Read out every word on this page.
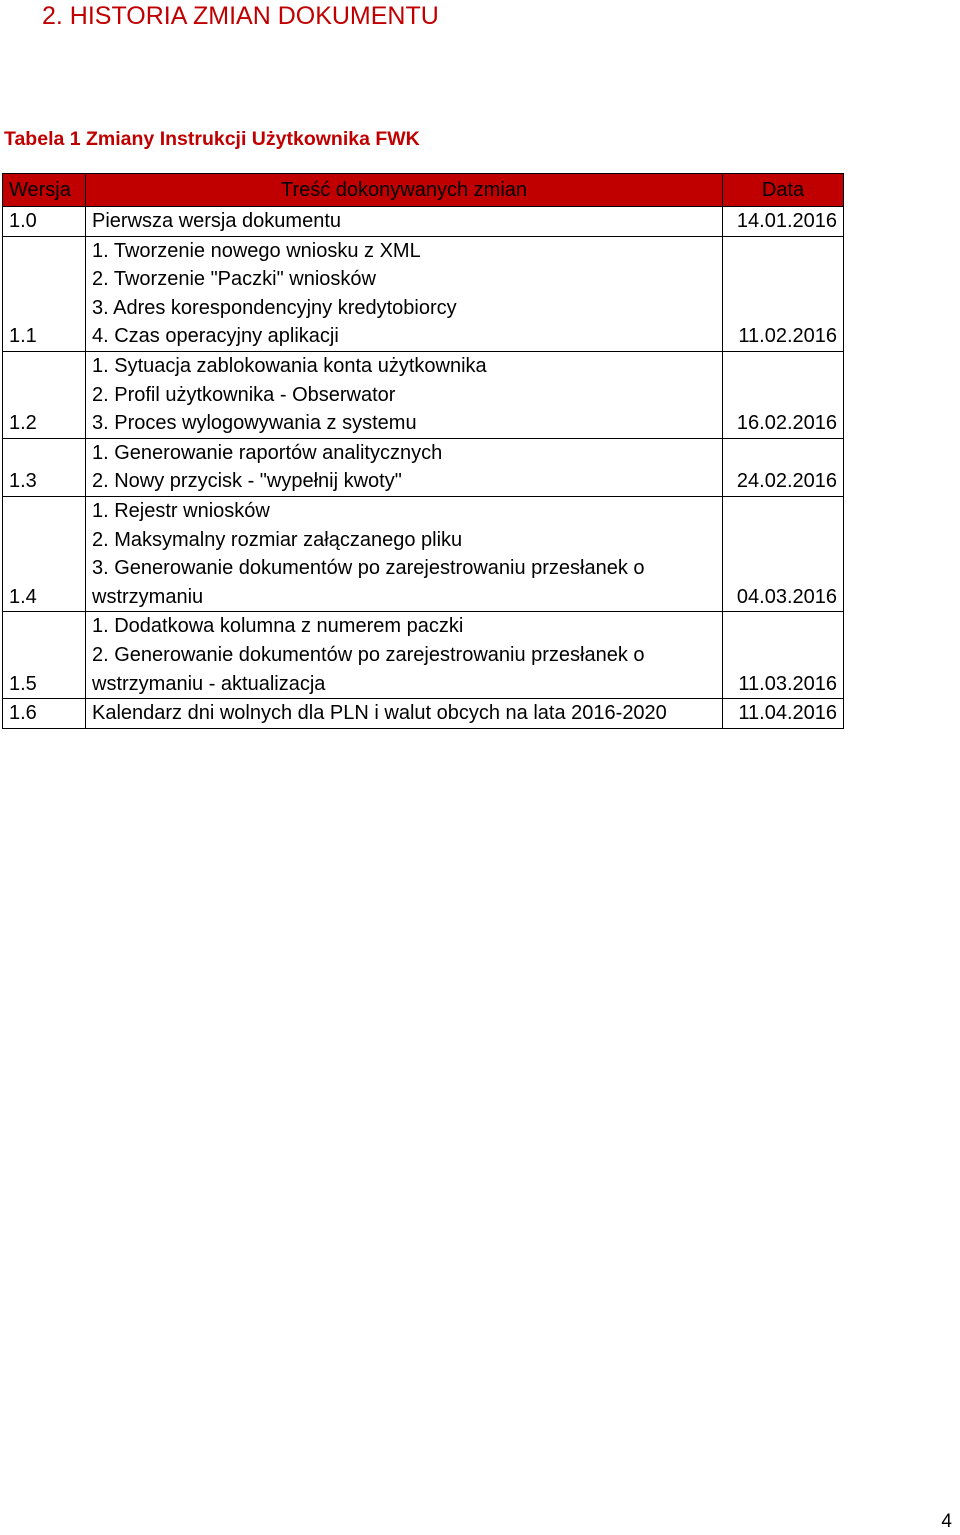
2. HISTORIA ZMIAN DOKUMENTU
Tabela 1 Zmiany Instrukcji Użytkownika FWK
Wersja	Treść dokonywanych zmian	Data
1.0	Pierwsza wersja dokumentu	14.01.2016
1.1	1. Tworzenie nowego wniosku z XML
2. Tworzenie "Paczki" wniosków
3. Adres korespondencyjny kredytobiorcy
4. Czas operacyjny aplikacji	11.02.2016
1.2	1. Sytuacja zablokowania konta użytkownika
2. Profil użytkownika - Obserwator
3. Proces wylogowywania z systemu	16.02.2016
1.3	1. Generowanie raportów analitycznych
2. Nowy przycisk - "wypełnij kwoty"	24.02.2016
1.4	1. Rejestr wniosków
2. Maksymalny rozmiar załączanego pliku
3. Generowanie dokumentów po zarejestrowaniu przesłanek o
wstrzymaniu	04.03.2016
1.5	1. Dodatkowa kolumna z numerem paczki
2. Generowanie dokumentów po zarejestrowaniu przesłanek o
wstrzymaniu - aktualizacja	11.03.2016
1.6	Kalendarz dni wolnych dla PLN i walut obcych na lata 2016-2020	11.04.2016
4
